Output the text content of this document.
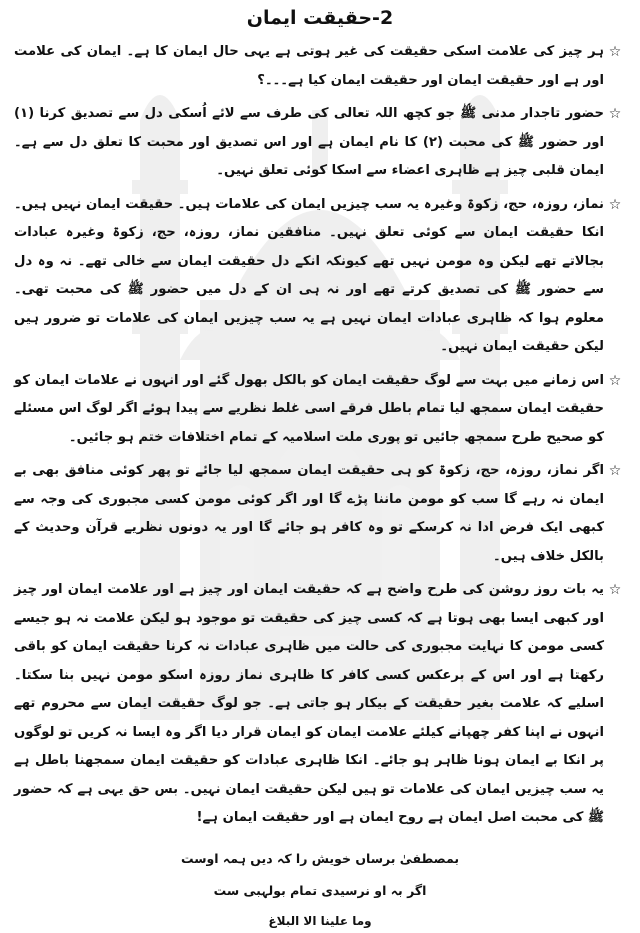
2-حقیقت ایمان
☆
ہر چیز کی علامت اسکی حقیقت کی غیر ہوتی ہے یہی حال ایمان کا ہے۔ ایمان کی علامت اور ہے اور حقیقت ایمان اور حقیقت ایمان کیا ہے۔۔۔؟
☆
حضور تاجدار مدنی ﷺ جو کچھ اللہ تعالی کی طرف سے لائے اُسکی دل سے تصدیق کرنا (۱) اور حضور ﷺ کی محبت (۲) کا نام ایمان ہے اور اس تصدیق اور محبت کا تعلق دل سے ہے۔ ایمان قلبی چیز ہے ظاہری اعضاء سے اسکا کوئی تعلق نہیں۔
☆
نماز، روزہ، حج، زکوۃ وغیرہ یہ سب چیزیں ایمان کی علامات ہیں۔ حقیقت ایمان نہیں ہیں۔ انکا حقیقت ایمان سے کوئی تعلق نہیں۔ منافقین نماز، روزہ، حج، زکوۃ وغیرہ عبادات بجالاتے تھے لیکن وہ مومن نہیں تھے کیونکہ انکے دل حقیقت ایمان سے خالی تھے۔ نہ وہ دل سے حضور ﷺ کی تصدیق کرتے تھے اور نہ ہی ان کے دل میں حضور ﷺ کی محبت تھی۔ معلوم ہوا کہ ظاہری عبادات ایمان نہیں ہے یہ سب چیزیں ایمان کی علامات تو ضرور ہیں لیکن حقیقت ایمان نہیں۔
☆
اس زمانے میں بہت سے لوگ حقیقت ایمان کو بالکل بھول گئے اور انہوں نے علامات ایمان کو حقیقت ایمان سمجھ لیا تمام باطل فرقے اسی غلط نظریے سے پیدا ہوئے اگر لوگ اس مسئلے کو صحیح طرح سمجھ جائیں تو پوری ملت اسلامیہ کے تمام اختلافات ختم ہو جائیں۔
☆
اگر نماز، روزہ، حج، زکوۃ کو ہی حقیقت ایمان سمجھ لیا جائے تو پھر کوئی منافق بھی بے ایمان نہ رہے گا سب کو مومن ماننا پڑے گا اور اگر کوئی مومن کسی مجبوری کی وجہ سے کبھی ایک فرض ادا نہ کرسکے تو وہ کافر ہو جائے گا اور یہ دونوں نظریے قرآن وحدیث کے بالکل خلاف ہیں۔
☆
یہ بات روز روشن کی طرح واضح ہے کہ حقیقت ایمان اور چیز ہے اور علامت ایمان اور چیز اور کبھی ایسا بھی ہوتا ہے کہ کسی چیز کی حقیقت تو موجود ہو لیکن علامت نہ ہو جیسے کسی مومن کا نہایت مجبوری کی حالت میں ظاہری عبادات نہ کرنا حقیقت ایمان کو باقی رکھتا ہے اور اس کے برعکس کسی کافر کا ظاہری نماز روزہ اسکو مومن نہیں بنا سکتا۔ اسلیے کہ علامت بغیر حقیقت کے بیکار ہو جاتی ہے۔ جو لوگ حقیقت ایمان سے محروم تھے انہوں نے اپنا کفر چھپانے کیلئے علامت ایمان کو ایمان قرار دیا اگر وہ ایسا نہ کریں تو لوگوں پر انکا بے ایمان ہونا ظاہر ہو جائے۔ انکا ظاہری عبادات کو حقیقت ایمان سمجھنا باطل ہے یہ سب چیزیں ایمان کی علامات تو ہیں لیکن حقیقت ایمان نہیں۔ بس حق یہی ہے کہ حضور ﷺ کی محبت اصل ایمان ہے روح ایمان ہے اور حقیقت ایمان ہے!
بمصطفیٰ برساں خویش را کہ دیں ہمہ اوست
اگر بہ او نرسیدی تمام بولہبی ست
وما علینا الا البلاغ
